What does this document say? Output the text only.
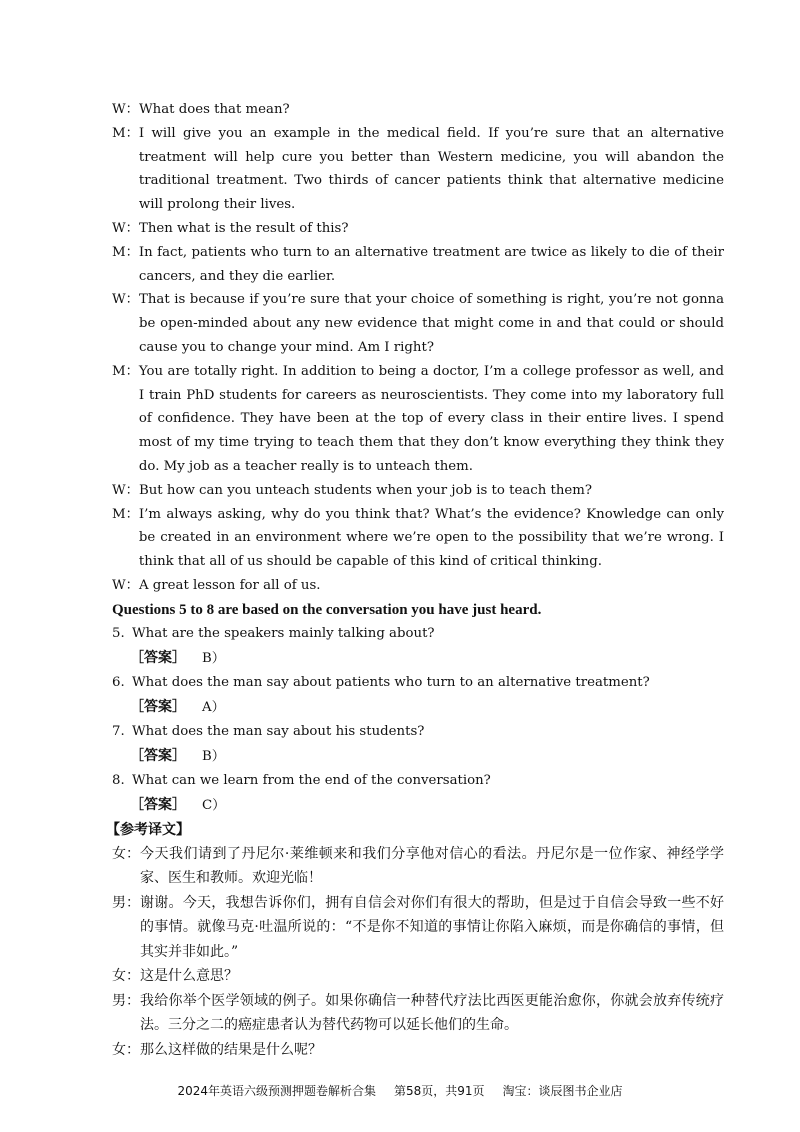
W： What does that mean?
M： I will give you an example in the medical field. If you’re sure that an alternative treatment will help cure you better than Western medicine, you will abandon the traditional treatment. Two thirds of cancer patients think that alternative medicine will prolong their lives.
W： Then what is the result of this?
M： In fact, patients who turn to an alternative treatment are twice as likely to die of their cancers, and they die earlier.
W： That is because if you’re sure that your choice of something is right, you’re not gonna be open-minded about any new evidence that might come in and that could or should cause you to change your mind. Am I right?
M： You are totally right. In addition to being a doctor, I’m a college professor as well, and I train PhD students for careers as neuroscientists. They come into my laboratory full of confidence. They have been at the top of every class in their entire lives. I spend most of my time trying to teach them that they don’t know everything they think they do. My job as a teacher really is to unteach them.
W： But how can you unteach students when your job is to teach them?
M： I’m always asking, why do you think that? What’s the evidence? Knowledge can only be created in an environment where we’re open to the possibility that we’re wrong. I think that all of us should be capable of this kind of critical thinking.
W： A great lesson for all of us.
Questions 5 to 8 are based on the conversation you have just heard.
5. What are the speakers mainly talking about?
［答案］ B）
6. What does the man say about patients who turn to an alternative treatment?
［答案］ A）
7. What does the man say about his students?
［答案］ B）
8. What can we learn from the end of the conversation?
［答案］ C）
【参考译文】
女： 今天我们请到了丹尼尔·莱维顿来和我们分享他对信心的看法。丹尼尔是一位作家、神经学学家、医生和教师。欢迎光临！
男： 谢谢。今天，我想告诉你们，拥有自信会对你们有很大的帮助，但是过于自信会导致一些不好的事情。就像马克·吐温所说的：“不是你不知道的事情让你陷入麻烦，而是你确信的事情，但其实并非如此。”
女： 这是什么意思？
男： 我给你举个医学领域的例子。如果你确信一种替代疗法比西医更能治愈你，你就会放弃传统疗法。三分之二的癌症患者认为替代药物可以延长他们的生命。
女： 那么这样做的结果是什么呢？
2024年英语六级预测押题卷解析合集 第58页，共91页 淘宝：谈辰图书企业店
